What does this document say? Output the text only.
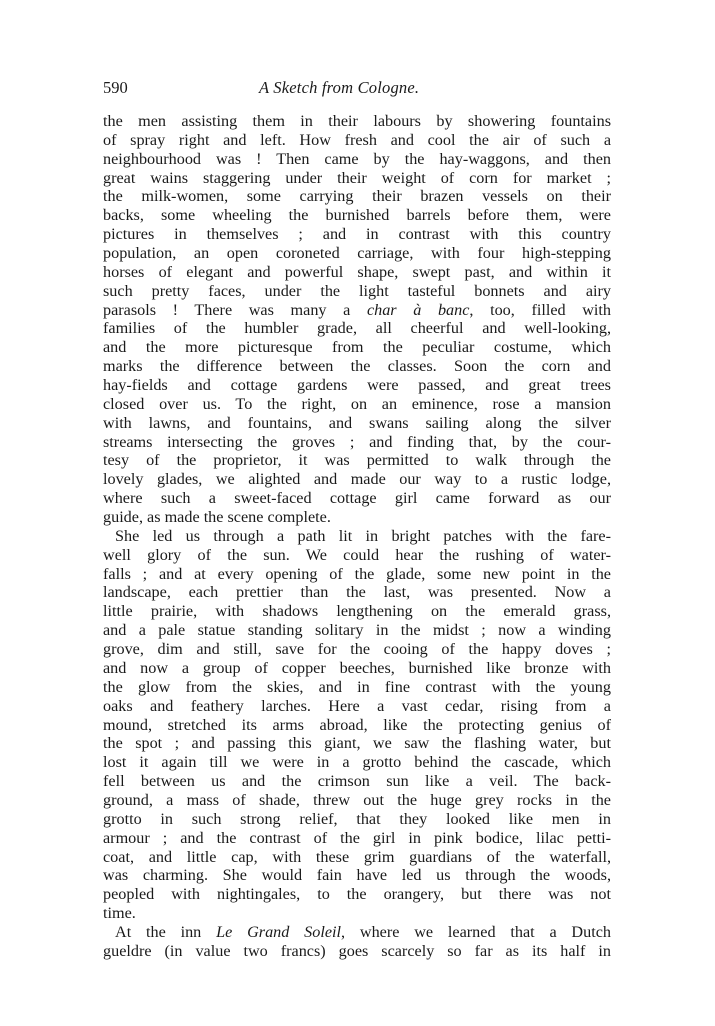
590	A Sketch from Cologne.
the men assisting them in their labours by showering fountains
of spray right and left. How fresh and cool the air of such a
neighbourhood was ! Then came by the hay-waggons, and then
great wains staggering under their weight of corn for market ;
the milk-women, some carrying their brazen vessels on their
backs, some wheeling the burnished barrels before them, were
pictures in themselves ; and in contrast with this country
population, an open coroneted carriage, with four high-stepping
horses of elegant and powerful shape, swept past, and within it
such pretty faces, under the light tasteful bonnets and airy
parasols ! There was many a char à banc, too, filled with
families of the humbler grade, all cheerful and well-looking,
and the more picturesque from the peculiar costume, which
marks the difference between the classes. Soon the corn and
hay-fields and cottage gardens were passed, and great trees
closed over us. To the right, on an eminence, rose a mansion
with lawns, and fountains, and swans sailing along the silver
streams intersecting the groves ; and finding that, by the cour-
tesy of the proprietor, it was permitted to walk through the
lovely glades, we alighted and made our way to a rustic lodge,
where such a sweet-faced cottage girl came forward as our
guide, as made the scene complete.
She led us through a path lit in bright patches with the fare-
well glory of the sun. We could hear the rushing of water-
falls ; and at every opening of the glade, some new point in the
landscape, each prettier than the last, was presented. Now a
little prairie, with shadows lengthening on the emerald grass,
and a pale statue standing solitary in the midst ; now a winding
grove, dim and still, save for the cooing of the happy doves ;
and now a group of copper beeches, burnished like bronze with
the glow from the skies, and in fine contrast with the young
oaks and feathery larches. Here a vast cedar, rising from a
mound, stretched its arms abroad, like the protecting genius of
the spot ; and passing this giant, we saw the flashing water, but
lost it again till we were in a grotto behind the cascade, which
fell between us and the crimson sun like a veil. The back-
ground, a mass of shade, threw out the huge grey rocks in the
grotto in such strong relief, that they looked like men in
armour ; and the contrast of the girl in pink bodice, lilac petti-
coat, and little cap, with these grim guardians of the waterfall,
was charming. She would fain have led us through the woods,
peopled with nightingales, to the orangery, but there was not
time.
At the inn Le Grand Soleil, where we learned that a Dutch
gueldre (in value two francs) goes scarcely so far as its half in
